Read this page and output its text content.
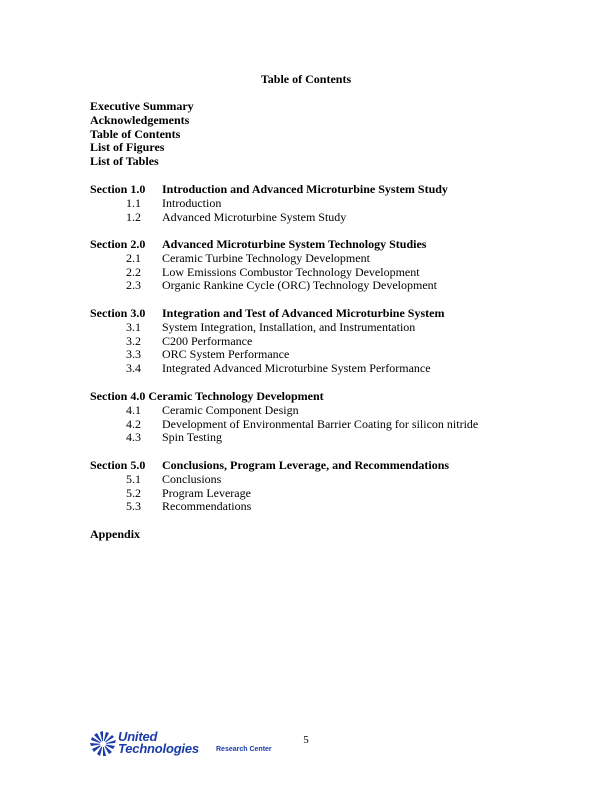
Table of Contents
Executive Summary
Acknowledgements
Table of Contents
List of Figures
List of Tables
Section 1.0 Introduction and Advanced Microturbine System Study
1.1 Introduction
1.2 Advanced Microturbine System Study
Section 2.0 Advanced Microturbine System Technology Studies
2.1 Ceramic Turbine Technology Development
2.2 Low Emissions Combustor Technology Development
2.3 Organic Rankine Cycle (ORC) Technology Development
Section 3.0 Integration and Test of Advanced Microturbine System
3.1 System Integration, Installation, and Instrumentation
3.2 C200 Performance
3.3 ORC System Performance
3.4 Integrated Advanced Microturbine System Performance
Section 4.0 Ceramic Technology Development
4.1 Ceramic Component Design
4.2 Development of Environmental Barrier Coating for silicon nitride
4.3 Spin Testing
Section 5.0 Conclusions, Program Leverage, and Recommendations
5.1 Conclusions
5.2 Program Leverage
5.3 Recommendations
Appendix
United
Technologies Research Center
5
